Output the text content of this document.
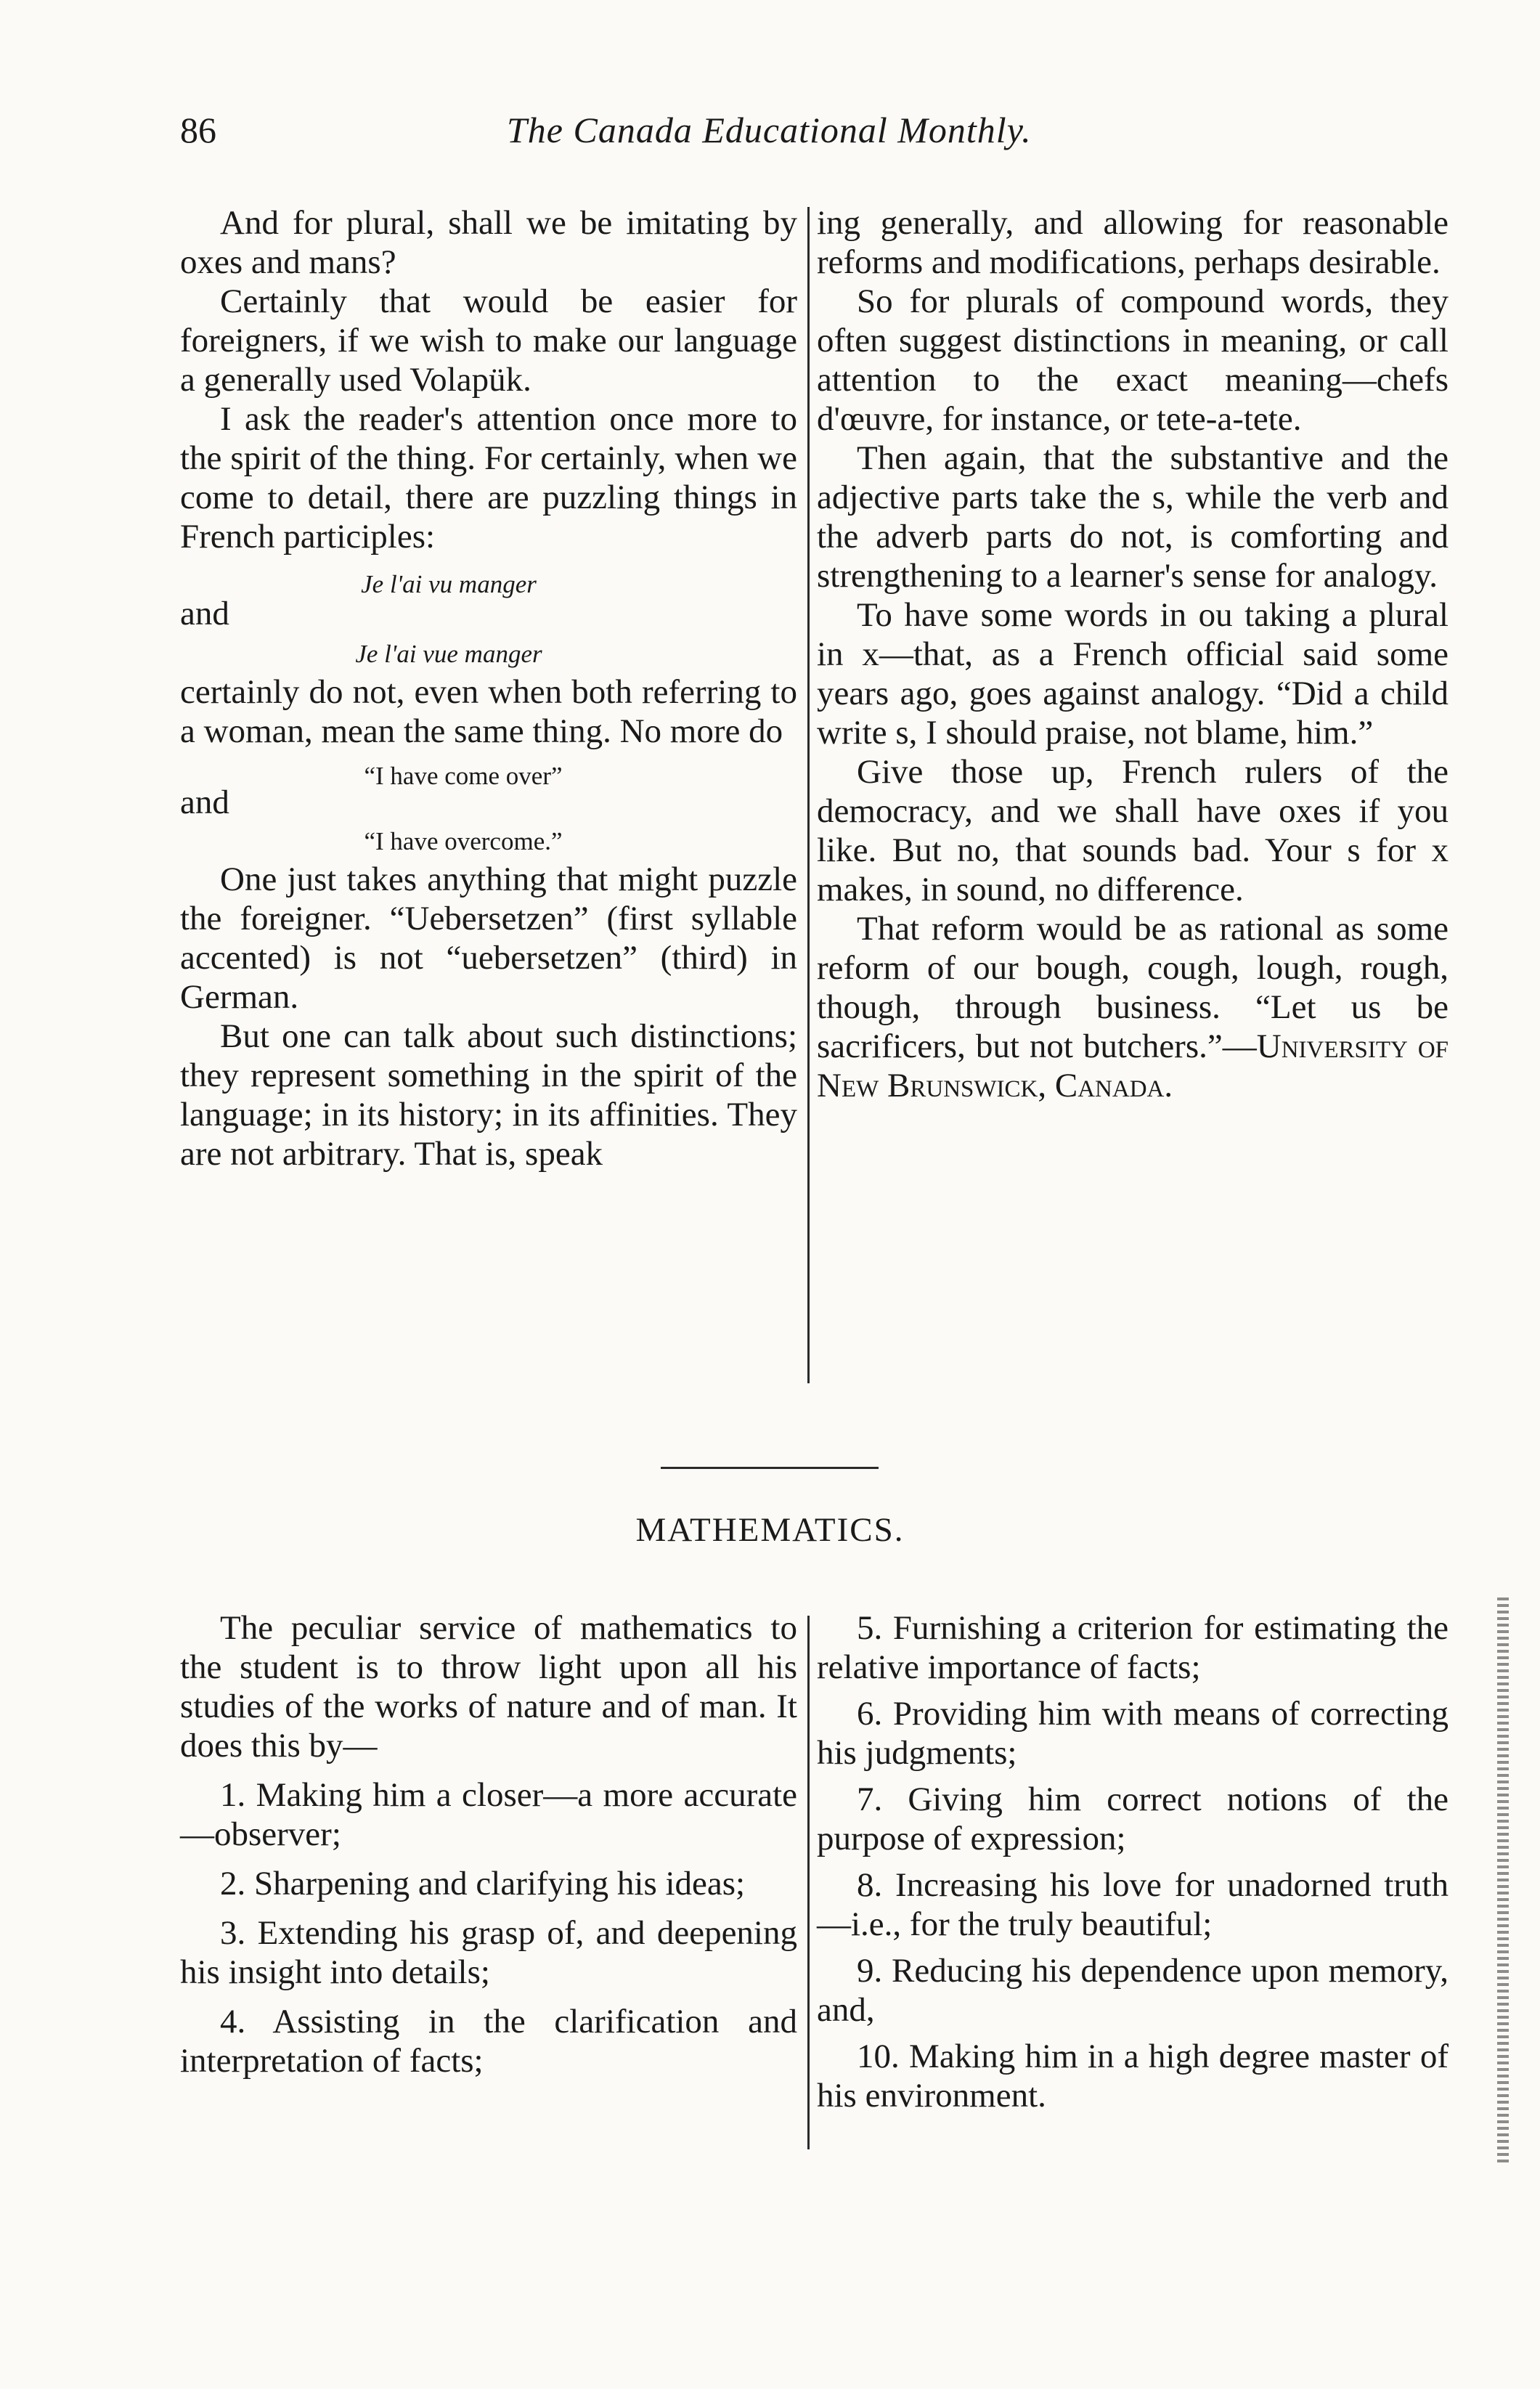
86	The Canada Educational Monthly.

And for plural, shall we be imitating by oxes and mans?

Certainly that would be easier for foreigners, if we wish to make our language a generally used Volapük.

I ask the reader's attention once more to the spirit of the thing. For certainly, when we come to detail, there are puzzling things in French participles:

Je l'ai vu manger
and
Je l'ai vue manger

certainly do not, even when both referring to a woman, mean the same thing. No more do

“I have come over”
and
“I have overcome.”

One just takes anything that might puzzle the foreigner. “Uebersetzen” (first syllable accented) is not “uebersetzen” (third) in German.

But one can talk about such distinctions; they represent something in the spirit of the language; in its history; in its affinities. They are not arbitrary. That is, speak

ing generally, and allowing for reasonable reforms and modifications, perhaps desirable.

So for plurals of compound words, they often suggest distinctions in meaning, or call attention to the exact meaning—chefs d'œuvre, for instance, or tete-a-tete.

Then again, that the substantive and the adjective parts take the s, while the verb and the adverb parts do not, is comforting and strengthening to a learner's sense for analogy.

To have some words in ou taking a plural in x—that, as a French official said some years ago, goes against analogy. “Did a child write s, I should praise, not blame, him.”

Give those up, French rulers of the democracy, and we shall have oxes if you like. But no, that sounds bad. Your s for x makes, in sound, no difference.

That reform would be as rational as some reform of our bough, cough, lough, rough, though, through business. “Let us be sacrificers, but not butchers.”—University of New Brunswick, Canada.

MATHEMATICS.

The peculiar service of mathematics to the student is to throw light upon all his studies of the works of nature and of man. It does this by—

1. Making him a closer—a more accurate—observer;

2. Sharpening and clarifying his ideas;

3. Extending his grasp of, and deepening his insight into details;

4. Assisting in the clarification and interpretation of facts;

5. Furnishing a criterion for estimating the relative importance of facts;

6. Providing him with means of correcting his judgments;

7. Giving him correct notions of the purpose of expression;

8. Increasing his love for unadorned truth—i.e., for the truly beautiful;

9. Reducing his dependence upon memory, and,

10. Making him in a high degree master of his environment.
